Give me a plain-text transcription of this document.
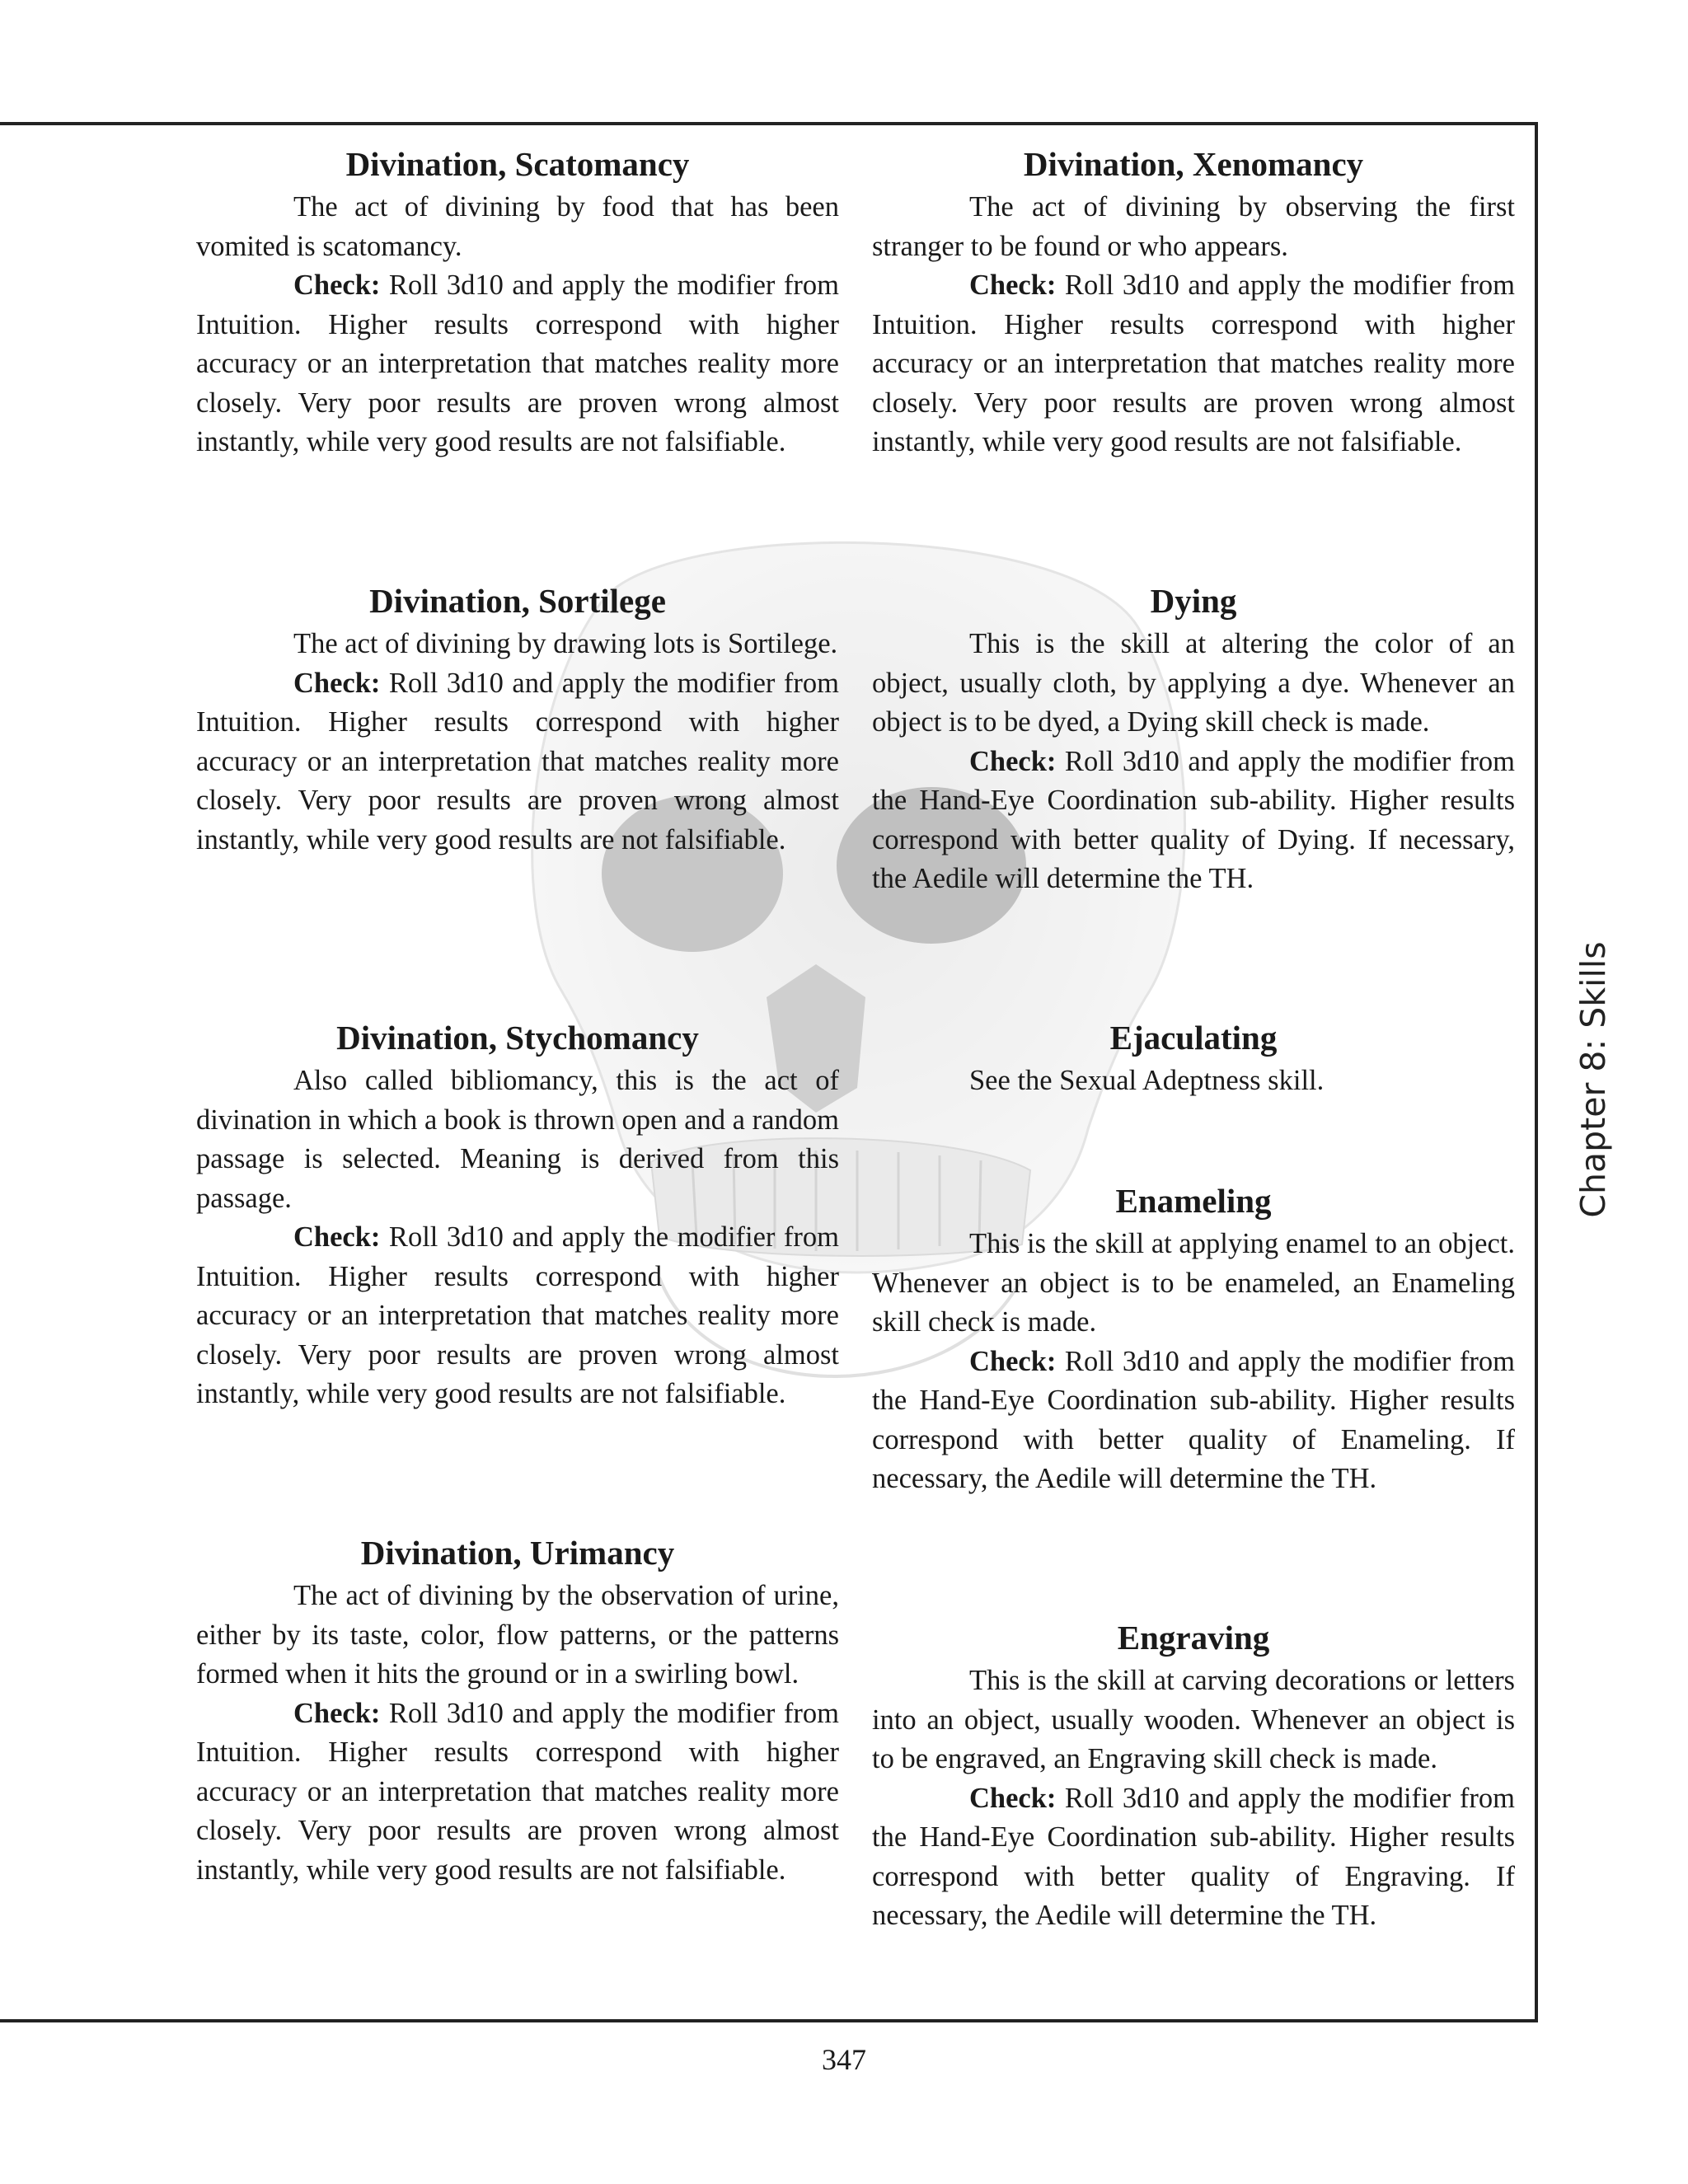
Divination, Scatomancy

The act of divining by food that has been vomited is scatomancy.

Check: Roll 3d10 and apply the modifier from Intuition. Higher results correspond with higher accuracy or an interpretation that matches reality more closely. Very poor results are proven wrong almost instantly, while very good results are not falsifiable.

Divination, Sortilege

The act of divining by drawing lots is Sortilege.

Check: Roll 3d10 and apply the modifier from Intuition. Higher results correspond with higher accuracy or an interpretation that matches reality more closely. Very poor results are proven wrong almost instantly, while very good results are not falsifiable.

Divination, Stychomancy

Also called bibliomancy, this is the act of divination in which a book is thrown open and a random passage is selected. Meaning is derived from this passage.

Check: Roll 3d10 and apply the modifier from Intuition. Higher results correspond with higher accuracy or an interpretation that matches reality more closely. Very poor results are proven wrong almost instantly, while very good results are not falsifiable.

Divination, Urimancy

The act of divining by the observation of urine, either by its taste, color, flow patterns, or the patterns formed when it hits the ground or in a swirling bowl.

Check: Roll 3d10 and apply the modifier from Intuition. Higher results correspond with higher accuracy or an interpretation that matches reality more closely. Very poor results are proven wrong almost instantly, while very good results are not falsifiable.

Divination, Xenomancy

The act of divining by observing the first stranger to be found or who appears.

Check: Roll 3d10 and apply the modifier from Intuition. Higher results correspond with higher accuracy or an interpretation that matches reality more closely. Very poor results are proven wrong almost instantly, while very good results are not falsifiable.

Dying

This is the skill at altering the color of an object, usually cloth, by applying a dye. Whenever an object is to be dyed, a Dying skill check is made.

Check: Roll 3d10 and apply the modifier from the Hand-Eye Coordination sub-ability. Higher results correspond with better quality of Dying. If necessary, the Aedile will determine the TH.

Ejaculating

See the Sexual Adeptness skill.

Enameling

This is the skill at applying enamel to an object. Whenever an object is to be enameled, an Enameling skill check is made.

Check: Roll 3d10 and apply the modifier from the Hand-Eye Coordination sub-ability. Higher results correspond with better quality of Enameling. If necessary, the Aedile will determine the TH.

Engraving

This is the skill at carving decorations or letters into an object, usually wooden. Whenever an object is to be engraved, an Engraving skill check is made.

Check: Roll 3d10 and apply the modifier from the Hand-Eye Coordination sub-ability. Higher results correspond with better quality of Engraving. If necessary, the Aedile will determine the TH.

Chapter 8: Skills
347
